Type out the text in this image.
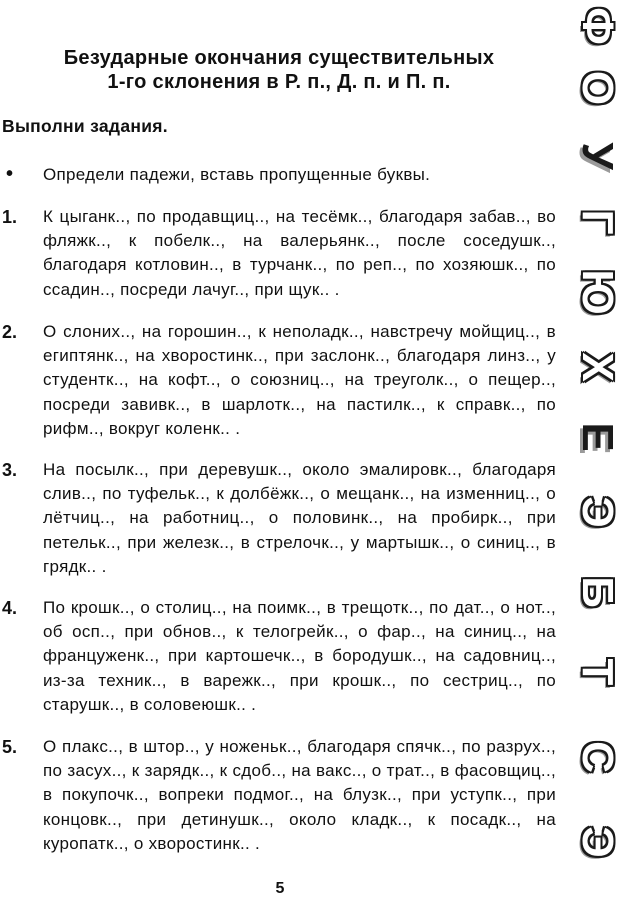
Безударные окончания существительных
1-го склонения в Р. п., Д. п. и П. п.
Выполни задания.
• Определи падежи, вставь пропущенные буквы.
1. К цыганк.., по продавщиц.., на тесёмк.., благодаря забав.., во фляжк.., к побелк.., на валерьянк.., после соседушк.., благодаря котловин.., в турчанк.., по реп.., по хозяюшк.., по ссадин.., посреди лачуг.., при щук.. .
2. О слоних.., на горошин.., к неполадк.., навстречу мойщиц.., в египтянк.., на хворостинк.., при заслонк.., благодаря линз.., у студентк.., на кофт.., о союзниц.., на треуголк.., о пещер.., посреди завивк.., в шарлотк.., на пастилк.., к справк.., по рифм.., вокруг коленк.. .
3. На посылк.., при деревушк.., около эмалировк.., благодаря слив.., по туфельк.., к долбёжк.., о мещанк.., на изменниц.., о лётчиц.., на работниц.., о половинк.., на пробирк.., при петельк.., при железк.., в стрелочк.., у мартышк.., о синиц.., в грядк.. .
4. По крошк.., о столиц.., на поимк.., в трещотк.., по дат.., о нот.., об осп.., при обнов.., к телогрейк.., о фар.., на синиц.., на француженк.., при картошечк.., в бородушк.., на садовниц.., из-за техник.., в варежк.., при крошк.., по сестриц.., по старушк.., в соловеюшк.. .
5. О плакс.., в штор.., у ноженьк.., благодаря спячк.., по разрух.., по засух.., к зарядк.., к сдоб.., на вакс.., о трат.., в фасовщиц.., в покупочк.., вопреки подмог.., на блузк.., при уступк.., при концовк.., при детинушк.., около кладк.., к посадк.., на куропатк.., о хворостинк.. .
5
Ф
О
У
Г
Ю
Х
Е
Э
Б
Т
С
Э
